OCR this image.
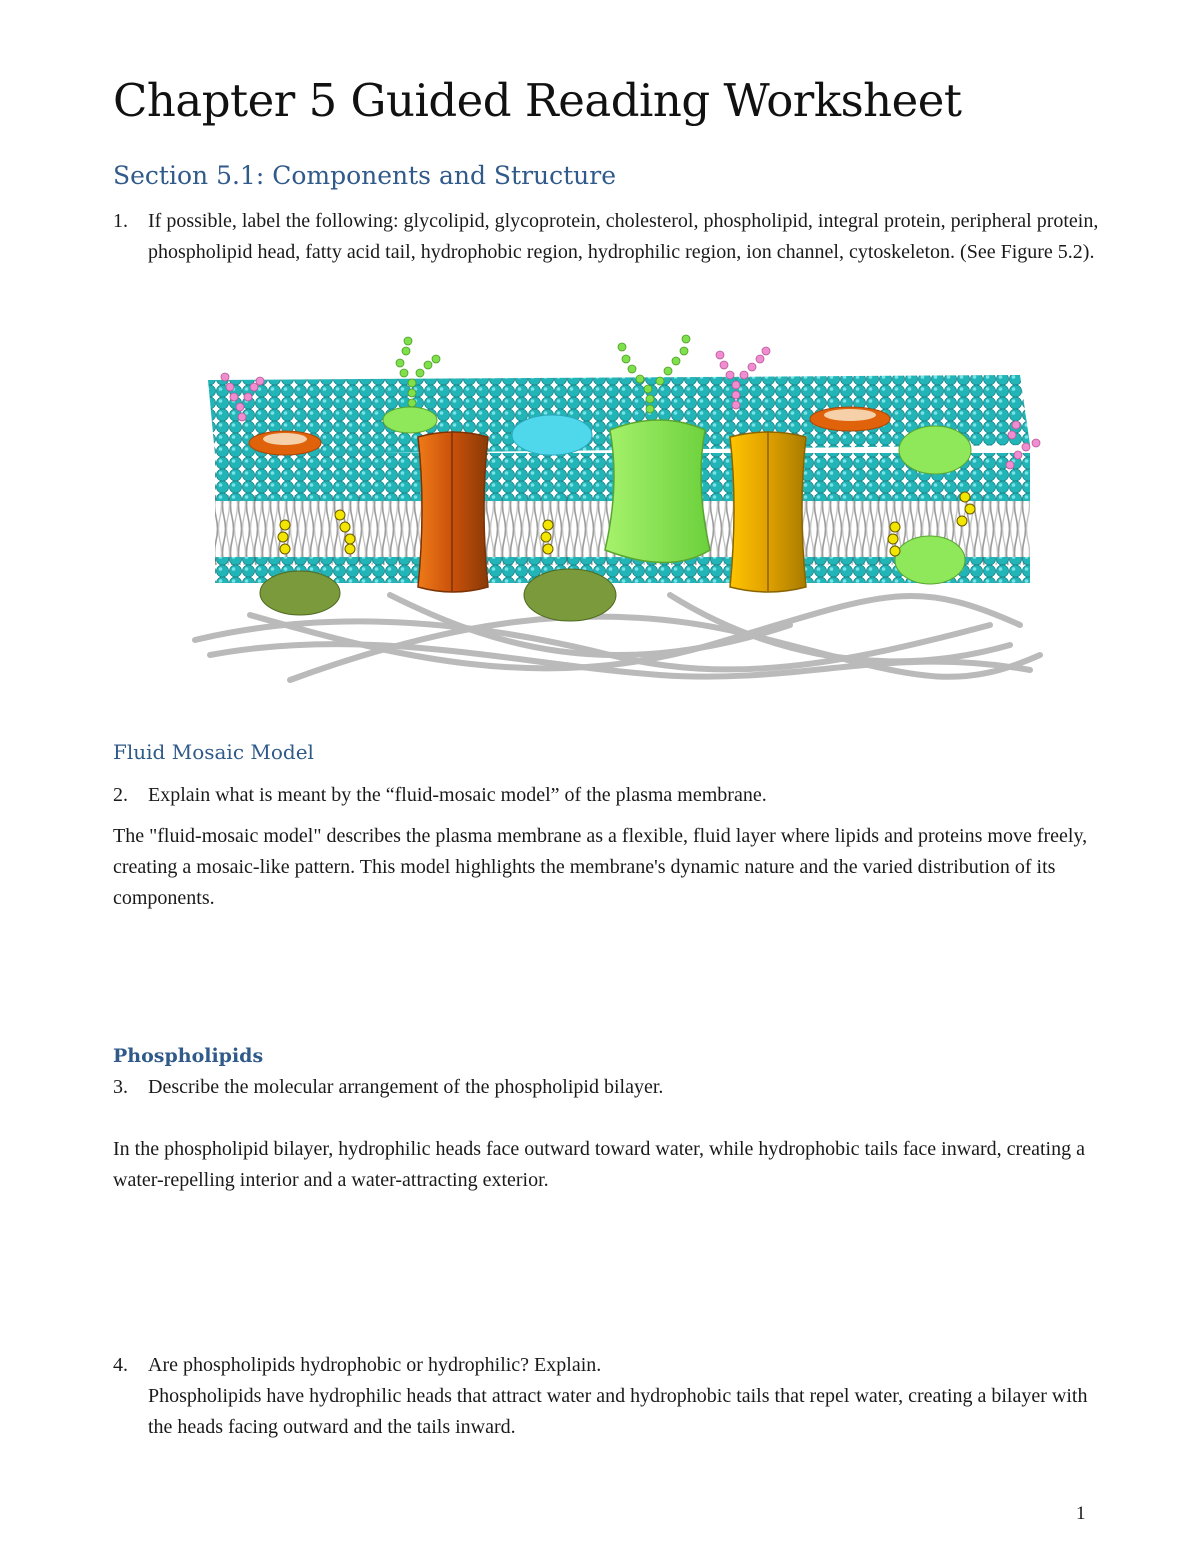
Chapter 5 Guided Reading Worksheet
Section 5.1: Components and Structure
1. If possible, label the following: glycolipid, glycoprotein, cholesterol, phospholipid, integral protein, peripheral protein, phospholipid head, fatty acid tail, hydrophobic region, hydrophilic region, ion channel, cytoskeleton. (See Figure 5.2).
Fluid Mosaic Model
2. Explain what is meant by the “fluid-mosaic model” of the plasma membrane.
The "fluid-mosaic model" describes the plasma membrane as a flexible, fluid layer where lipids and proteins move freely, creating a mosaic-like pattern. This model highlights the membrane's dynamic nature and the varied distribution of its components.
Phospholipids
3. Describe the molecular arrangement of the phospholipid bilayer.
In the phospholipid bilayer, hydrophilic heads face outward toward water, while hydrophobic tails face inward, creating a water-repelling interior and a water-attracting exterior.
4. Are phospholipids hydrophobic or hydrophilic? Explain.
Phospholipids have hydrophilic heads that attract water and hydrophobic tails that repel water, creating a bilayer with the heads facing outward and the tails inward.
1
